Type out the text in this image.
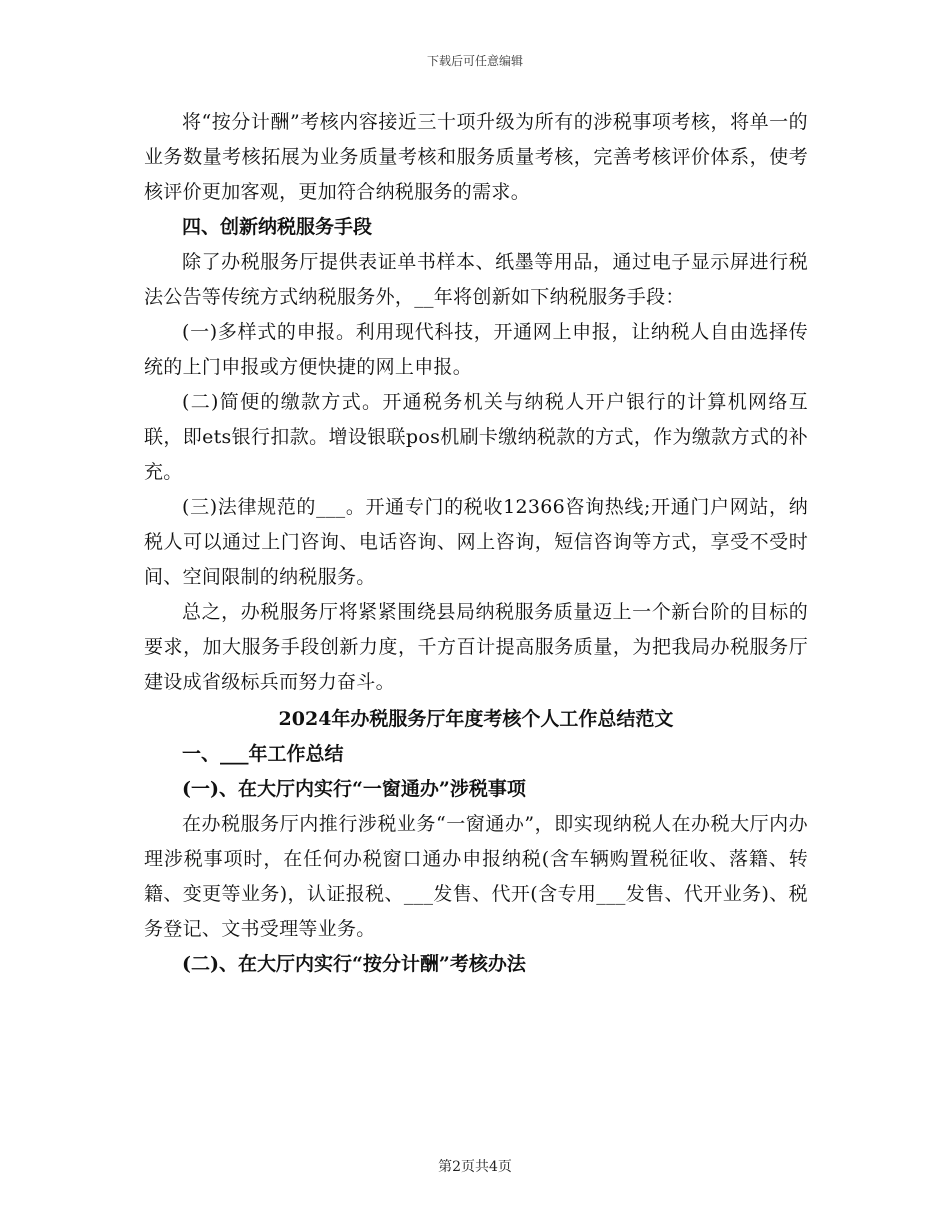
下载后可任意编辑

将“按分计酬”考核内容接近三十项升级为所有的涉税事项考核，将单一的业务数量考核拓展为业务质量考核和服务质量考核，完善考核评价体系，使考核评价更加客观，更加符合纳税服务的需求。

四、创新纳税服务手段

除了办税服务厅提供表证单书样本、纸墨等用品，通过电子显示屏进行税法公告等传统方式纳税服务外，__年将创新如下纳税服务手段：

(一)多样式的申报。利用现代科技，开通网上申报，让纳税人自由选择传统的上门申报或方便快捷的网上申报。

(二)简便的缴款方式。开通税务机关与纳税人开户银行的计算机网络互联，即ets银行扣款。增设银联pos机刷卡缴纳税款的方式，作为缴款方式的补充。

(三)法律规范的___。开通专门的税收12366咨询热线;开通门户网站，纳税人可以通过上门咨询、电话咨询、网上咨询，短信咨询等方式，享受不受时间、空间限制的纳税服务。

总之，办税服务厅将紧紧围绕县局纳税服务质量迈上一个新台阶的目标的要求，加大服务手段创新力度，千方百计提高服务质量，为把我局办税服务厅建设成省级标兵而努力奋斗。

2024年办税服务厅年度考核个人工作总结范文

一、___年工作总结

(一)、在大厅内实行“一窗通办”涉税事项

在办税服务厅内推行涉税业务“一窗通办”，即实现纳税人在办税大厅内办理涉税事项时，在任何办税窗口通办申报纳税(含车辆购置税征收、落籍、转籍、变更等业务)，认证报税、___发售、代开(含专用___发售、代开业务)、税务登记、文书受理等业务。

(二)、在大厅内实行“按分计酬”考核办法

第2页共4页
